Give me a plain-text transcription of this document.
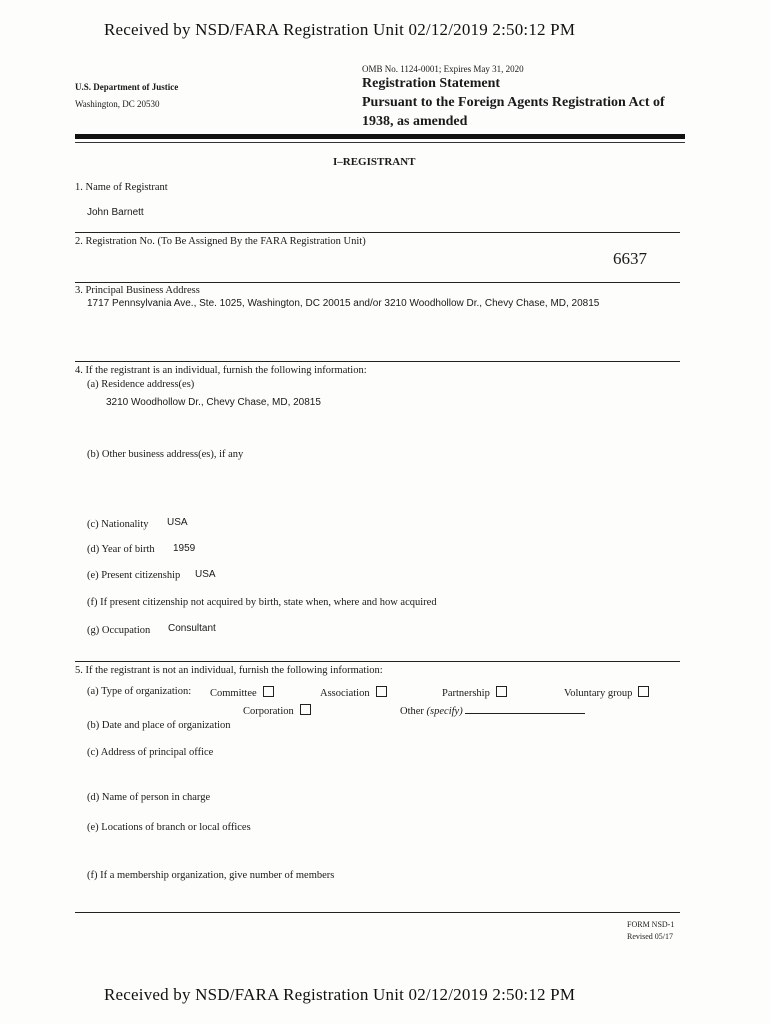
Received by NSD/FARA Registration Unit 02/12/2019 2:50:12 PM
OMB No. 1124-0001; Expires May 31, 2020
U.S. Department of Justice
Washington, DC 20530
Registration Statement
Pursuant to the Foreign Agents Registration Act of
1938, as amended
I–REGISTRANT
1. Name of Registrant
John Barnett
2. Registration No. (To Be Assigned By the FARA Registration Unit)
6637
3. Principal Business Address
1717 Pennsylvania Ave., Ste. 1025, Washington, DC 20015 and/or 3210 Woodhollow Dr., Chevy Chase, MD, 20815
4. If the registrant is an individual, furnish the following information:
(a) Residence address(es)
3210 Woodhollow Dr., Chevy Chase, MD, 20815
(b) Other business address(es), if any
(c) Nationality USA
(d) Year of birth 1959
(e) Present citizenship USA
(f) If present citizenship not acquired by birth, state when, where and how acquired
(g) Occupation Consultant
5. If the registrant is not an individual, furnish the following information:
(a) Type of organization: Committee	Association	Partnership	Voluntary group
Corporation	Other (specify)
(b) Date and place of organization
(c) Address of principal office
(d) Name of person in charge
(e) Locations of branch or local offices
(f) If a membership organization, give number of members
FORM NSD-1
Revised 05/17
Received by NSD/FARA Registration Unit 02/12/2019 2:50:12 PM
